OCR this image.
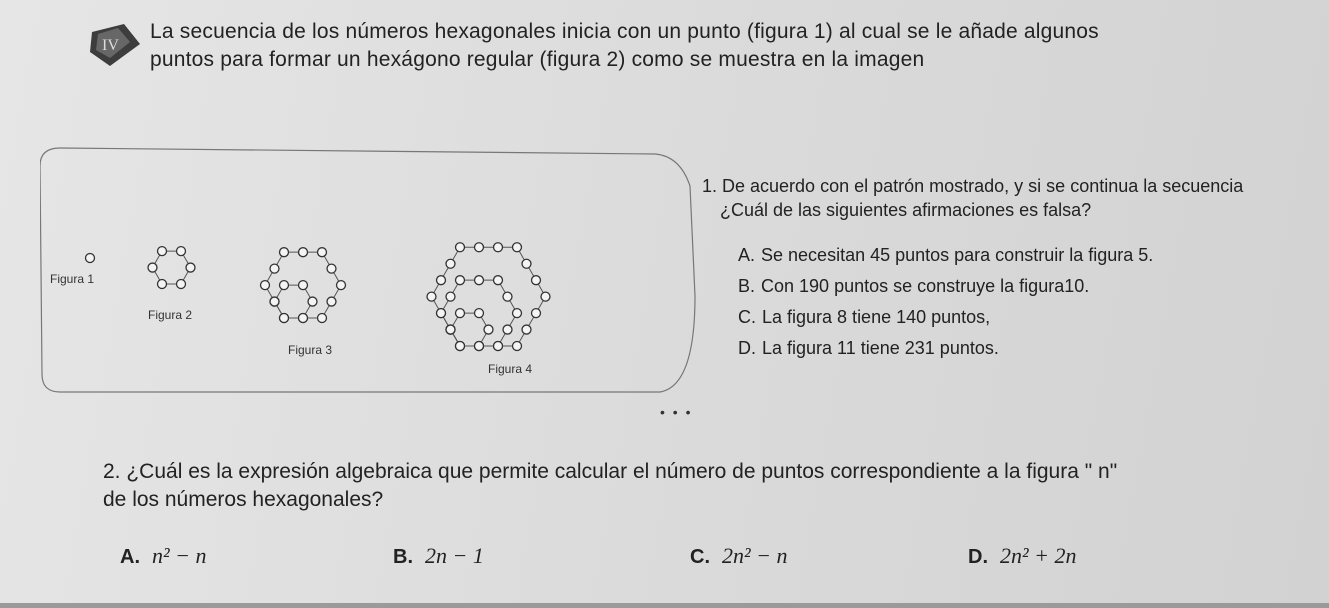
IV
La secuencia de los números hexagonales inicia con un punto (figura 1) al cual se le añade algunos
puntos para formar un hexágono regular (figura 2) como se muestra en la imagen
Figura 1
Figura 2
Figura 3
Figura 4
• • •
1. De acuerdo con el patrón mostrado, y si se continua la secuencia
¿Cuál de las siguientes afirmaciones es falsa?
A. Se necesitan 45 puntos para construir la figura 5.
B. Con 190 puntos se construye la figura10.
C. La figura 8 tiene 140 puntos,
D. La figura 11 tiene 231 puntos.
2. ¿Cuál es la expresión algebraica que permite calcular el número de puntos correspondiente a la figura " n"
de los números hexagonales?
A. n² − n	B. 2n − 1	C. 2n² − n	D. 2n² + 2n
